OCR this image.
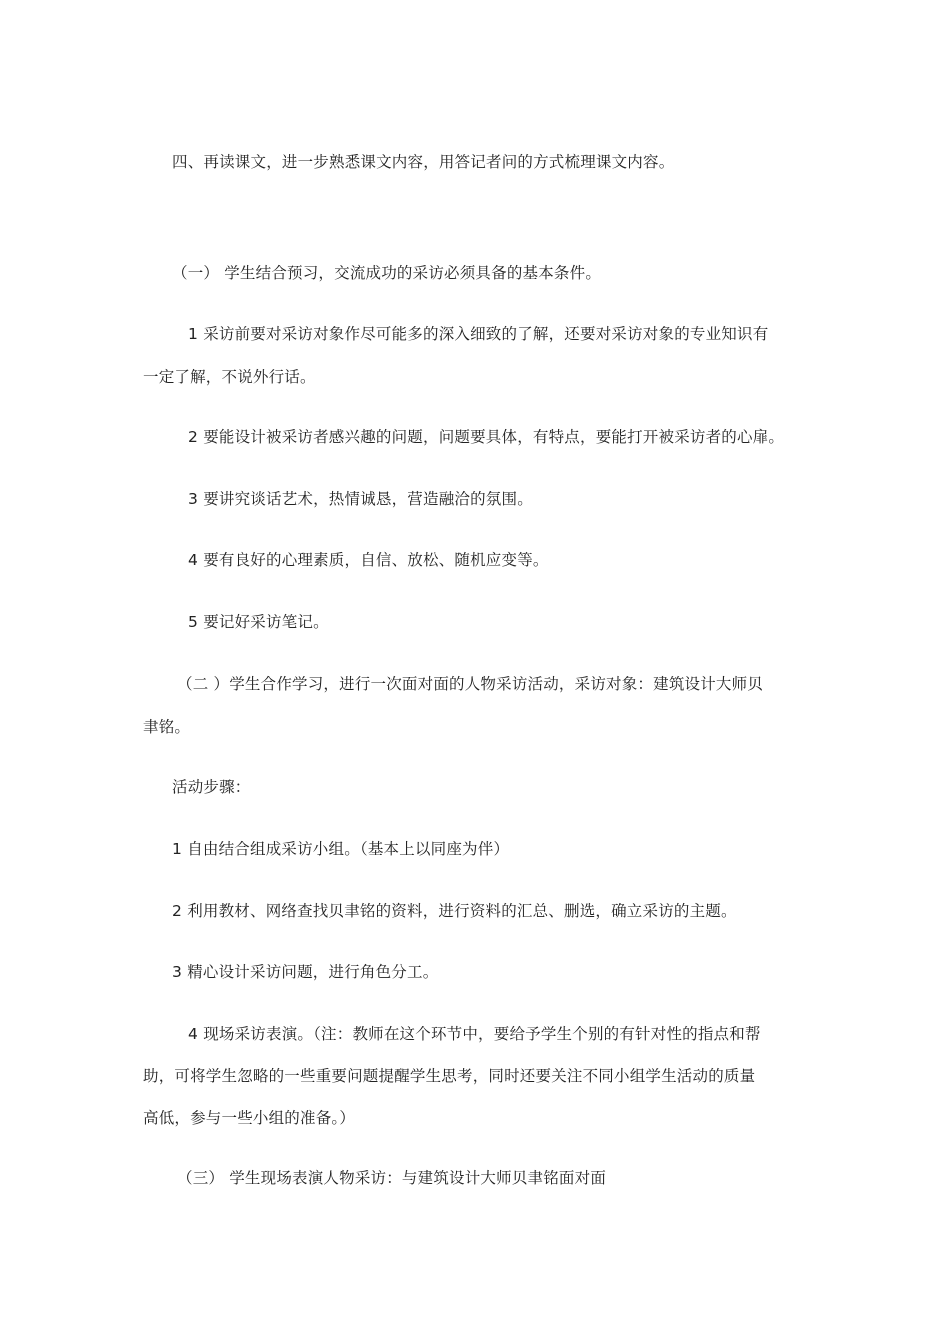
四、再读课文，进一步熟悉课文内容，用答记者问的方式梳理课文内容。
（一） 学生结合预习，交流成功的采访必须具备的基本条件。
1 采访前要对采访对象作尽可能多的深入细致的了解，还要对采访对象的专业知识有
一定了解，不说外行话。
2 要能设计被采访者感兴趣的问题，问题要具体，有特点，要能打开被采访者的心扉。
3 要讲究谈话艺术，热情诚恳，营造融洽的氛围。
4 要有良好的心理素质，自信、放松、随机应变等。
5 要记好采访笔记。
（二 ）学生合作学习，进行一次面对面的人物采访活动，采访对象：建筑设计大师贝
聿铭。
活动步骤：
1 自由结合组成采访小组。（基本上以同座为伴）
2 利用教材、网络查找贝聿铭的资料，进行资料的汇总、删选，确立采访的主题。
3 精心设计采访问题，进行角色分工。
4 现场采访表演。（注：教师在这个环节中，要给予学生个别的有针对性的指点和帮
助，可将学生忽略的一些重要问题提醒学生思考，同时还要关注不同小组学生活动的质量
高低，参与一些小组的准备。）
（三） 学生现场表演人物采访：与建筑设计大师贝聿铭面对面
